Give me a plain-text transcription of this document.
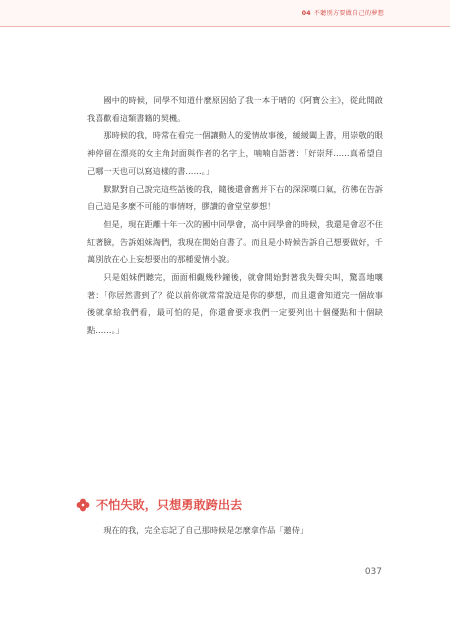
04 不聽別方要做自己的夢想

國中的時候，同學不知道什麼原因給了我一本于晴的《阿寶公主》，從此開啟我喜歡看這類書籍的契機。

那時候的我，時常在看完一個讓動人的愛情故事後，緩緩闔上書，用崇敬的眼神停留在漂亮的女主角封面與作者的名字上，喃喃自語著：「好崇拜……真希望自己哪一天也可以寫這樣的書……。」

默默對自己說完這些話後的我，隨後還會舊并下右的深深嘆口氣，彷彿在告訴自己這是多麼不可能的事情呀，膠讚的會堂堂夢想！

但是，現在距離十年一次的國中同學會，高中同學會的時候，我還是會忍不住紅著臉，告訴姐妹淘們，我現在開始自書了。而且是小時候告訴自己想要做好，千萬別放在心上妄想要出的那種愛情小說。

只是姐妹們聽完，面面相覷幾秒鐘後，就會開始對著我失聲尖叫，驚喜地嚷著：「你居然書到了？從以前你就常常說這是你的夢想，而且還會知道完一個故事後就拿給我們看，最可怕的是，你還會要求我們一定要列出十個優點和十個缺點……。」

不怕失敗，只想勇敢跨出去

現在的我，完全忘記了自己那時候是怎麼拿作品「邀侍」

037
